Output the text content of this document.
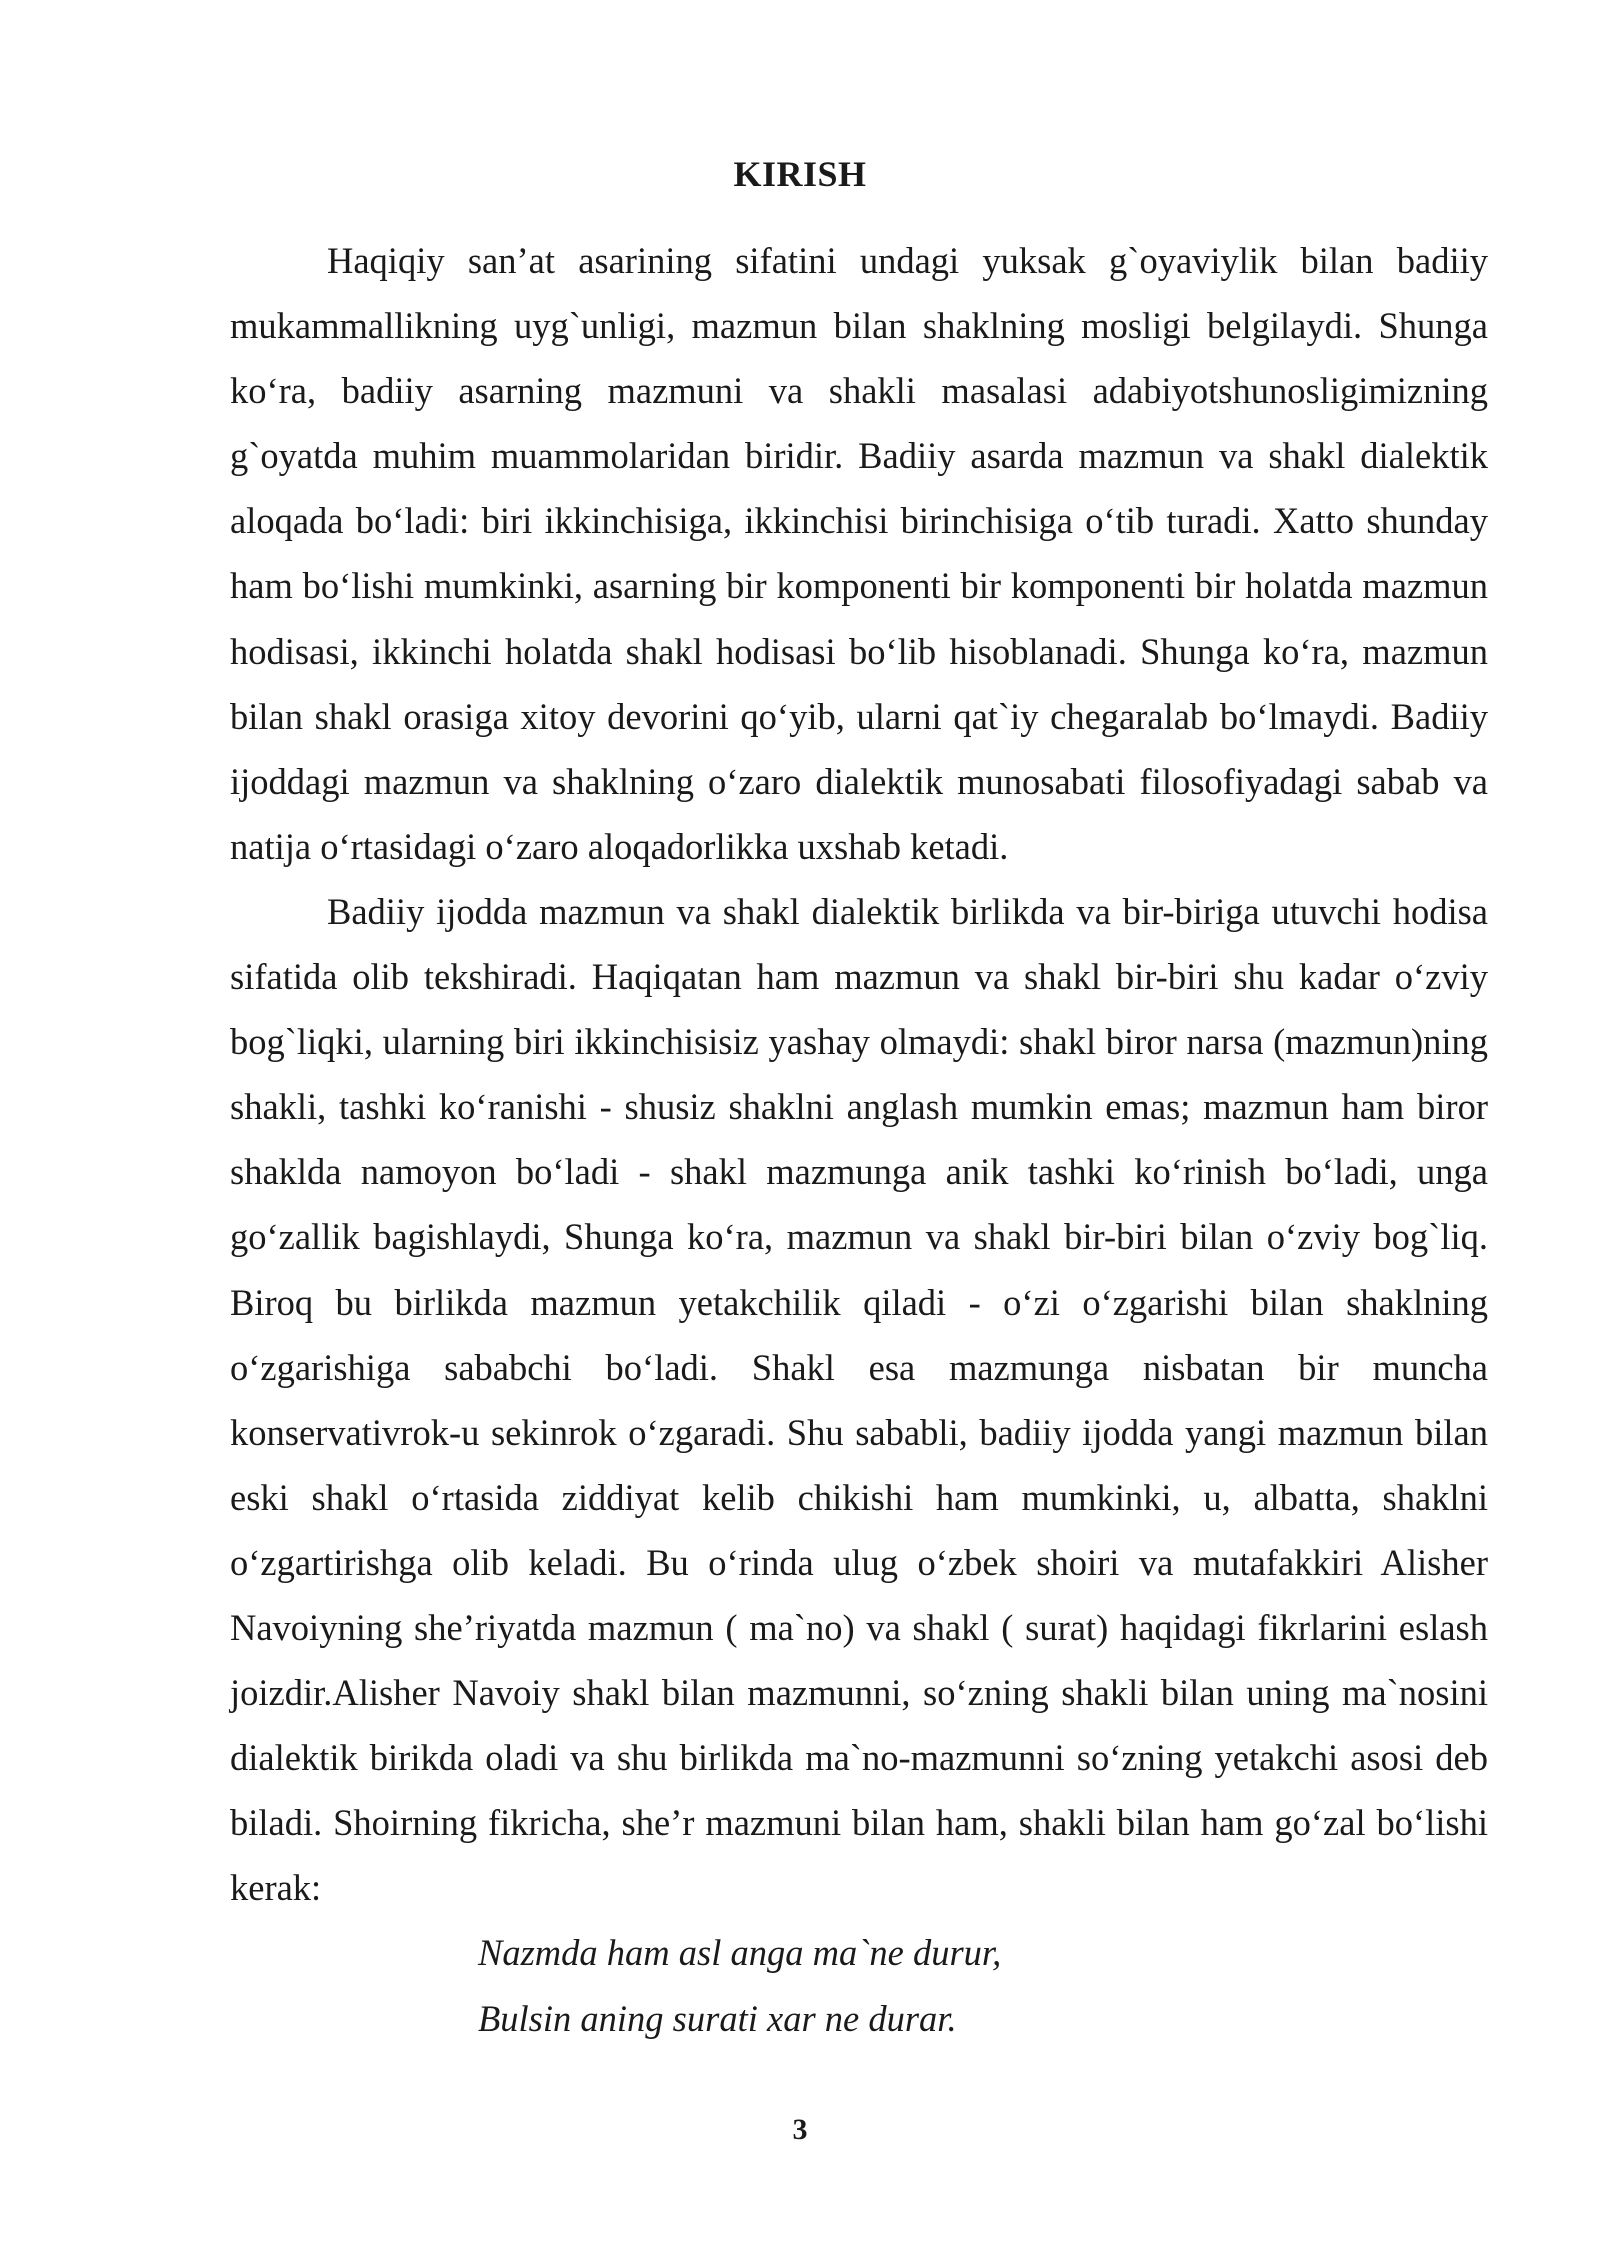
KIRISH

Haqiqiy san’at asarining sifatini undagi yuksak g`oyaviylik bilan badiiy mukammallikning uyg`unligi, mazmun bilan shaklning mosligi belgilaydi. Shunga ko‘ra, badiiy asarning mazmuni va shakli masalasi adabiyotshunosligimizning g`oyatda muhim muammolaridan biridir. Badiiy asarda mazmun va shakl dialektik aloqada bo‘ladi: biri ikkinchisiga, ikkinchisi birinchisiga o‘tib turadi. Xatto shunday ham bo‘lishi mumkinki, asarning bir komponenti bir komponenti bir holatda mazmun hodisasi, ikkinchi holatda shakl hodisasi bo‘lib hisoblanadi. Shunga ko‘ra, mazmun bilan shakl orasiga xitoy devorini qo‘yib, ularni qat`iy chegaralab bo‘lmaydi. Badiiy ijoddagi mazmun va shaklning o‘zaro dialektik munosabati filosofiyadagi sabab va natija o‘rtasidagi o‘zaro aloqadorlikka uxshab ketadi.

Badiiy ijodda mazmun va shakl dialektik birlikda va bir-biriga utuvchi hodisa sifatida olib tekshiradi. Haqiqatan ham mazmun va shakl bir-biri shu kadar o‘zviy bog`liqki, ularning biri ikkinchisisiz yashay olmaydi: shakl biror narsa (mazmun)ning shakli, tashki ko‘ranishi - shusiz shaklni anglash mumkin emas; mazmun ham biror shaklda namoyon bo‘ladi - shakl mazmunga anik tashki ko‘rinish bo‘ladi, unga go‘zallik bagishlaydi, Shunga ko‘ra, mazmun va shakl bir-biri bilan o‘zviy bog`liq. Biroq bu birlikda mazmun yetakchilik qiladi - o‘zi o‘zgarishi bilan shaklning o‘zgarishiga sababchi bo‘ladi. Shakl esa mazmunga nisbatan bir muncha konservativrok-u sekinrok o‘zgaradi. Shu sababli, badiiy ijodda yangi mazmun bilan eski shakl o‘rtasida ziddiyat kelib chikishi ham mumkinki, u, albatta, shaklni o‘zgartirishga olib keladi. Bu o‘rinda ulug o‘zbek shoiri va mutafakkiri Alisher Navoiyning she’riyatda mazmun ( ma`no) va shakl ( surat) haqidagi fikrlarini eslash joizdir.Alisher Navoiy shakl bilan mazmunni, so‘zning shakli bilan uning ma`nosini dialektik birikda oladi va shu birlikda ma`no-mazmunni so‘zning yetakchi asosi deb biladi. Shoirning fikricha, she’r mazmuni bilan ham, shakli bilan ham go‘zal bo‘lishi kerak:

Nazmda ham asl anga ma`ne durur,

Bulsin aning surati xar ne durar.

3
